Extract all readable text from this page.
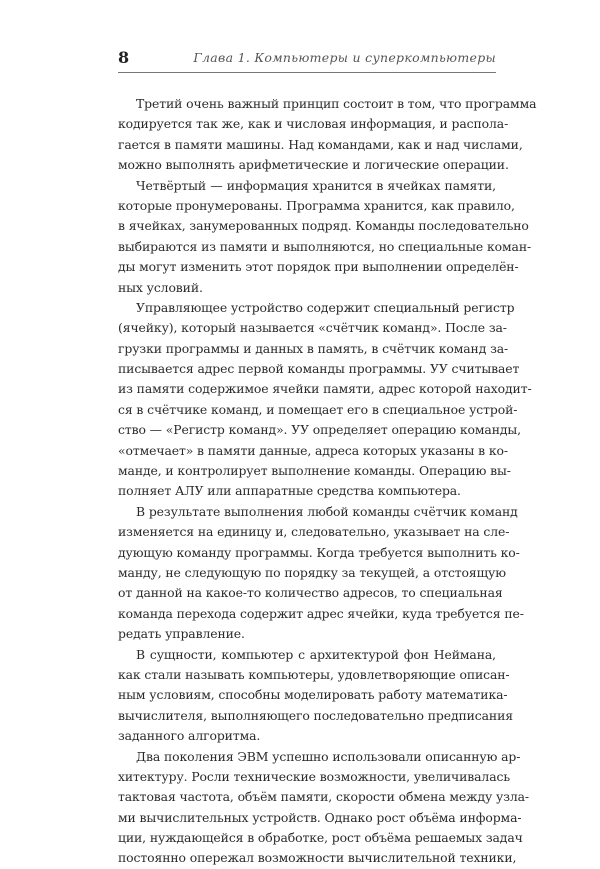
8	Глава 1. Компьютеры и суперкомпьютеры
Третий очень важный принцип состоит в том, что программа
кодируется так же, как и числовая информация, и распола-
гается в памяти машины. Над командами, как и над числами,
можно выполнять арифметические и логические операции.
Четвёртый — информация хранится в ячейках памяти,
которые пронумерованы. Программа хранится, как правило,
в ячейках, занумерованных подряд. Команды последовательно
выбираются из памяти и выполняются, но специальные коман-
ды могут изменить этот порядок при выполнении определён-
ных условий.
Управляющее устройство содержит специальный регистр
(ячейку), который называется «счётчик команд». После за-
грузки программы и данных в память, в счётчик команд за-
писывается адрес первой команды программы. УУ считывает
из памяти содержимое ячейки памяти, адрес которой находит-
ся в счётчике команд, и помещает его в специальное устрой-
ство — «Регистр команд». УУ определяет операцию команды,
«отмечает» в памяти данные, адреса которых указаны в ко-
манде, и контролирует выполнение команды. Операцию вы-
полняет АЛУ или аппаратные средства компьютера.
В результате выполнения любой команды счётчик команд
изменяется на единицу и, следовательно, указывает на сле-
дующую команду программы. Когда требуется выполнить ко-
манду, не следующую по порядку за текущей, а отстоящую
от данной на какое-то количество адресов, то специальная
команда перехода содержит адрес ячейки, куда требуется пе-
редать управление.
В сущности, компьютер с архитектурой фон Неймана,
как стали называть компьютеры, удовлетворяющие описан-
ным условиям, способны моделировать работу математика-
вычислителя, выполняющего последовательно предписания
заданного алгоритма.
Два поколения ЭВМ успешно использовали описанную ар-
хитектуру. Росли технические возможности, увеличивалась
тактовая частота, объём памяти, скорости обмена между узла-
ми вычислительных устройств. Однако рост объёма информа-
ции, нуждающейся в обработке, рост объёма решаемых задач
постоянно опережал возможности вычислительной техники,
